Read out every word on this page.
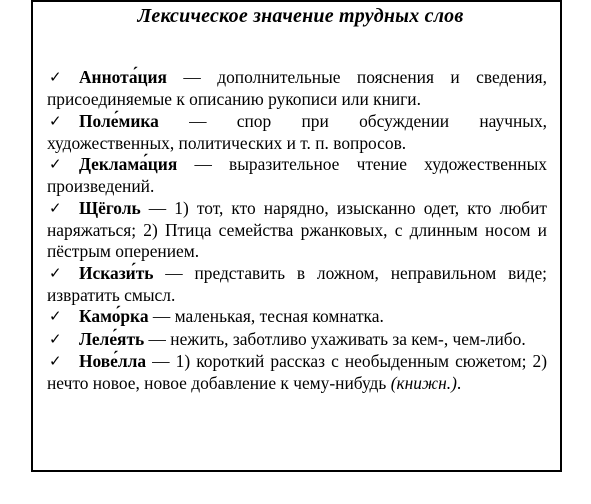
Лексическое значение трудных слов
✓ Аннота́ция — дополнительные пояснения и сведения, присоединяемые к описанию рукописи или книги.
✓ Поле́мика — спор при обсуждении научных, художественных, политических и т. п. вопросов.
✓ Деклама́ция — выразительное чтение художественных произведений.
✓ Щёголь — 1) тот, кто нарядно, изысканно одет, кто любит наряжаться; 2) Птица семейства ржанковых, с длинным носом и пёстрым оперением.
✓ Искази́ть — представить в ложном, неправильном виде; извратить смысл.
✓ Камо́рка — маленькая, тесная комнатка.
✓ Леле́ять — нежить, заботливо ухаживать за кем-, чем-либо.
✓ Нове́лла — 1) короткий рассказ с необыденным сюжетом; 2) нечто новое, новое добавление к чему-нибудь (книжн.).
